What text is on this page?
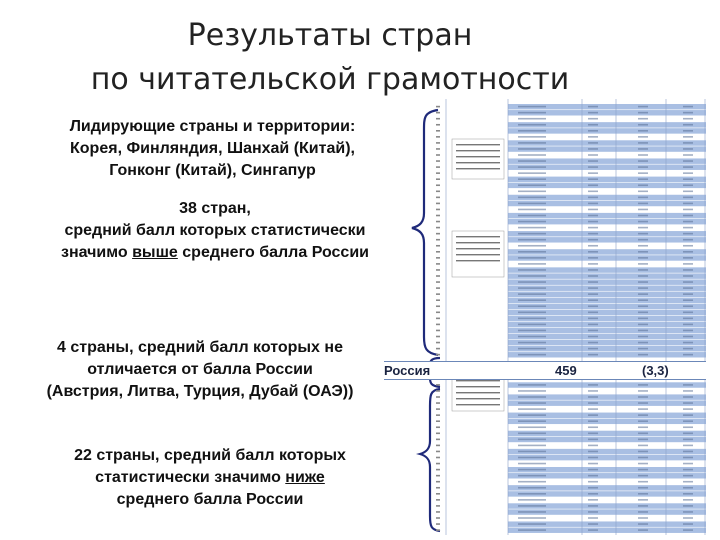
Результаты стран
по читательской грамотности
Лидирующие страны и территории:
Корея, Финляндия, Шанхай (Китай),
Гонконг (Китай), Сингапур
38 стран,
средний балл которых статистически
значимо выше среднего балла России
4 страны, средний балл которых не
отличается от балла России
(Австрия, Литва, Турция, Дубай (ОАЭ))
22 страны, средний балл которых
статистически значимо ниже
среднего балла России
Россия	459	(3,3)
